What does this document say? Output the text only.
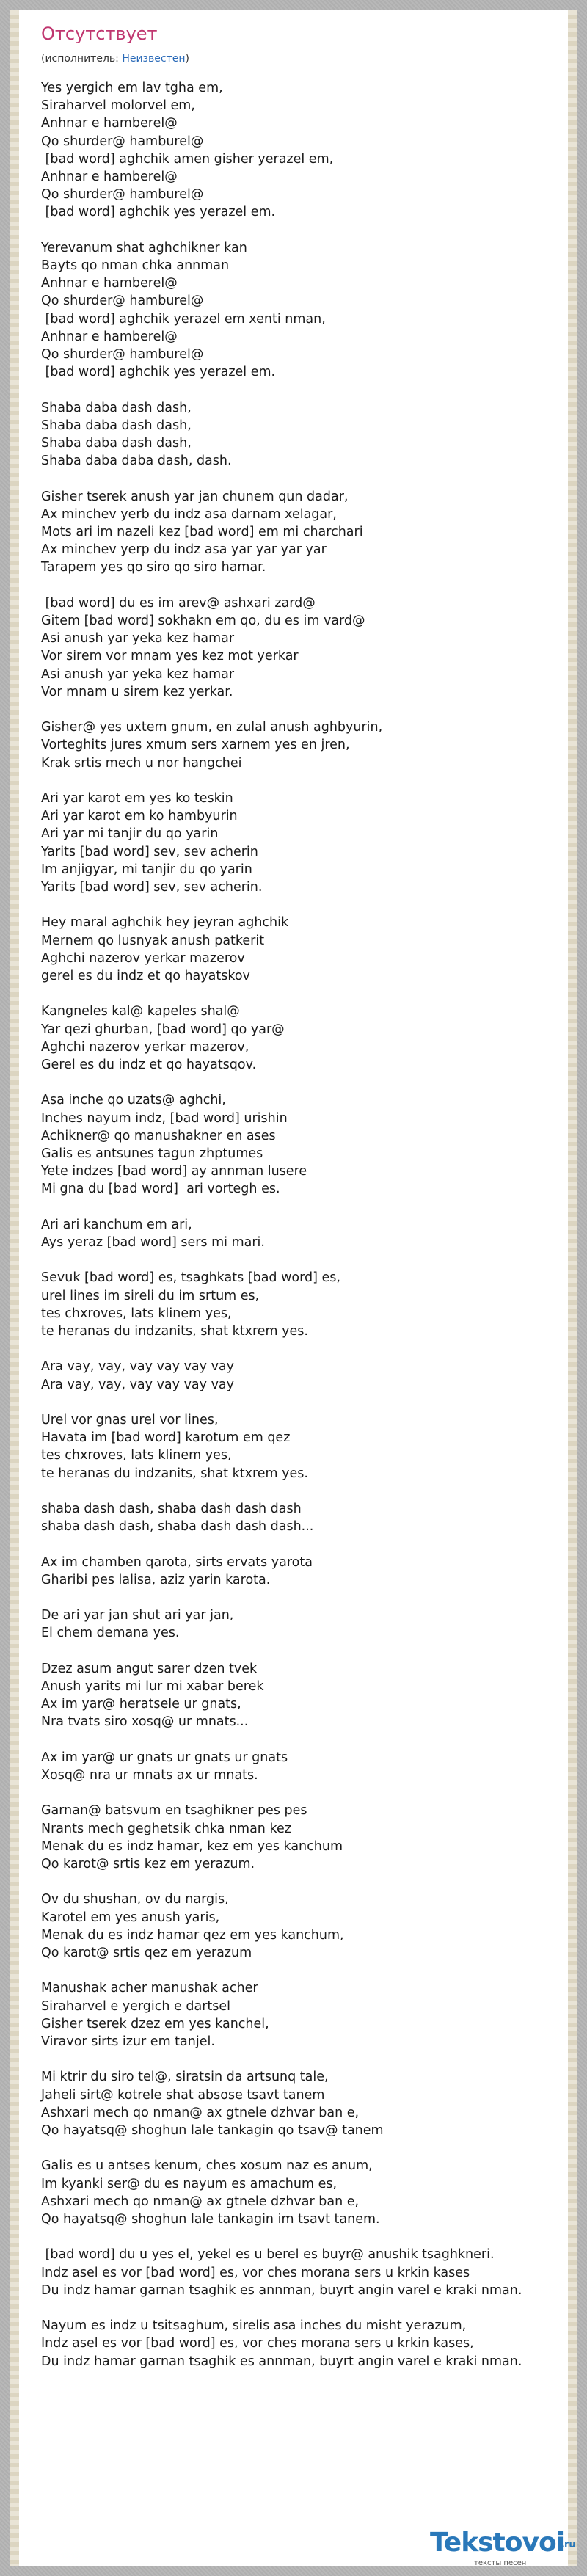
Отсутствует
(исполнитель: Неизвестен)
Yes yergich em lav tgha em,
Siraharvel molorvel em,
Anhnar e hamberel@
Qo shurder@ hamburel@
[bad word] aghchik amen gisher yerazel em,
Anhnar e hamberel@
Qo shurder@ hamburel@
[bad word] aghchik yes yerazel em.
Yerevanum shat aghchikner kan
Bayts qo nman chka annman
Anhnar e hamberel@
Qo shurder@ hamburel@
[bad word] aghchik yerazel em xenti nman,
Anhnar e hamberel@
Qo shurder@ hamburel@
[bad word] aghchik yes yerazel em.
Shaba daba dash dash,
Shaba daba dash dash,
Shaba daba dash dash,
Shaba daba daba dash, dash.
Gisher tserek anush yar jan chunem qun dadar,
Ax minchev yerb du indz asa darnam xelagar,
Mots ari im nazeli kez [bad word] em mi charchari
Ax minchev yerp du indz asa yar yar yar yar
Tarapem yes qo siro qo siro hamar.
[bad word] du es im arev@ ashxari zard@
Gitem [bad word] sokhakn em qo, du es im vard@
Asi anush yar yeka kez hamar
Vor sirem vor mnam yes kez mot yerkar
Asi anush yar yeka kez hamar
Vor mnam u sirem kez yerkar.
Gisher@ yes uxtem gnum, en zulal anush aghbyurin,
Vorteghits jures xmum sers xarnem yes en jren,
Krak srtis mech u nor hangchei
Ari yar karot em yes ko teskin
Ari yar karot em ko hambyurin
Ari yar mi tanjir du qo yarin
Yarits [bad word] sev, sev acherin
Im anjigyar, mi tanjir du qo yarin
Yarits [bad word] sev, sev acherin.
Hey maral aghchik hey jeyran aghchik
Mernem qo lusnyak anush patkerit
Aghchi nazerov yerkar mazerov
gerel es du indz et qo hayatskov
Kangneles kal@ kapeles shal@
Yar qezi ghurban, [bad word] qo yar@
Aghchi nazerov yerkar mazerov,
Gerel es du indz et qo hayatsqov.
Asa inche qo uzats@ aghchi,
Inches nayum indz, [bad word] urishin
Achikner@ qo manushakner en ases
Galis es antsunes tagun zhptumes
Yete indzes [bad word] ay annman lusere
Mi gna du [bad word]  ari vortegh es.
Ari ari kanchum em ari,
Ays yeraz [bad word] sers mi mari.
Sevuk [bad word] es, tsaghkats [bad word] es,
urel lines im sireli du im srtum es,
tes chxroves, lats klinem yes,
te heranas du indzanits, shat ktxrem yes.
Ara vay, vay, vay vay vay vay
Ara vay, vay, vay vay vay vay
Urel vor gnas urel vor lines,
Havata im [bad word] karotum em qez
tes chxroves, lats klinem yes,
te heranas du indzanits, shat ktxrem yes.
shaba dash dash, shaba dash dash dash
shaba dash dash, shaba dash dash dash...
Ax im chamben qarota, sirts ervats yarota
Gharibi pes lalisa, aziz yarin karota.
De ari yar jan shut ari yar jan,
El chem demana yes.
Dzez asum angut sarer dzen tvek
Anush yarits mi lur mi xabar berek
Ax im yar@ heratsele ur gnats,
Nra tvats siro xosq@ ur mnats...
Ax im yar@ ur gnats ur gnats ur gnats
Xosq@ nra ur mnats ax ur mnats.
Garnan@ batsvum en tsaghikner pes pes
Nrants mech geghetsik chka nman kez
Menak du es indz hamar, kez em yes kanchum
Qo karot@ srtis kez em yerazum.
Ov du shushan, ov du nargis,
Karotel em yes anush yaris,
Menak du es indz hamar qez em yes kanchum,
Qo karot@ srtis qez em yerazum
Manushak acher manushak acher
Siraharvel e yergich e dartsel
Gisher tserek dzez em yes kanchel,
Viravor sirts izur em tanjel.
Mi ktrir du siro tel@, siratsin da artsunq tale,
Jaheli sirt@ kotrele shat absose tsavt tanem
Ashxari mech qo nman@ ax gtnele dzhvar ban e,
Qo hayatsq@ shoghun lale tankagin qo tsav@ tanem
Galis es u antses kenum, ches xosum naz es anum,
Im kyanki ser@ du es nayum es amachum es,
Ashxari mech qo nman@ ax gtnele dzhvar ban e,
Qo hayatsq@ shoghun lale tankagin im tsavt tanem.
[bad word] du u yes el, yekel es u berel es buyr@ anushik tsaghkneri.
Indz asel es vor [bad word] es, vor ches morana sers u krkin kases
Du indz hamar garnan tsaghik es annman, buyrt angin varel e kraki nman.
Nayum es indz u tsitsaghum, sirelis asa inches du misht yerazum,
Indz asel es vor [bad word] es, vor ches morana sers u krkin kases,
Du indz hamar garnan tsaghik es annman, buyrt angin varel e kraki nman.
Tekstovoi
.ru
тексты песен
